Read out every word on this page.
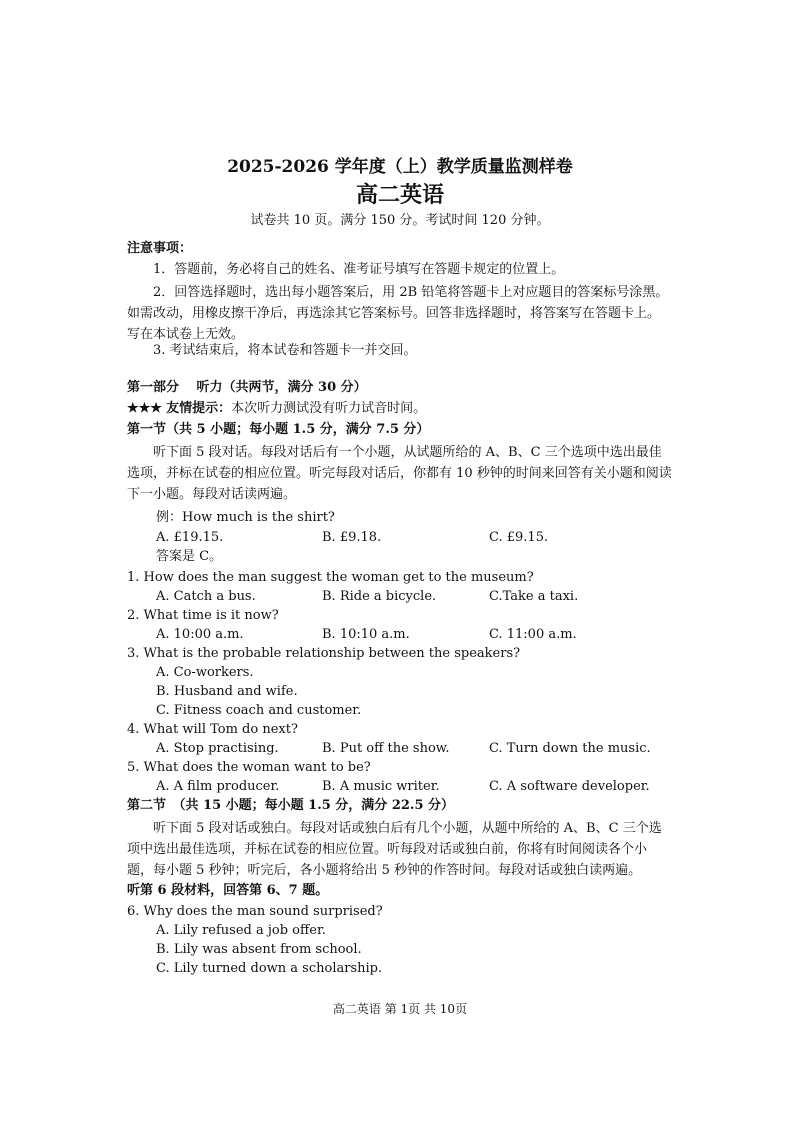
2025-2026 学年度（上）教学质量监测样卷
高二英语
试卷共 10 页。满分 150 分。考试时间 120 分钟。
注意事项：
1．答题前，务必将自己的姓名、准考证号填写在答题卡规定的位置上。
2．回答选择题时，选出每小题答案后，用 2B 铅笔将答题卡上对应题目的答案标号涂黑。 如需改动，用橡皮擦干净后，再选涂其它答案标号。回答非选择题时，将答案写在答题卡上。写在本试卷上无效。
3. 考试结束后，将本试卷和答题卡一并交回。
第一部分　 听力（共两节，满分 30 分）
★★★ 友情提示：本次听力测试没有听力试音时间。
第一节（共 5 小题；每小题 1.5 分，满分 7.5 分）
听下面 5 段对话。每段对话后有一个小题，从试题所给的 A、B、C 三个选项中选出最佳选项，并标在试卷的相应位置。听完每段对话后，你都有 10 秒钟的时间来回答有关小题和阅读下一小题。每段对话读两遍。
例：How much is the shirt?
A. £19.15.	B. £9.18.	C. £9.15.
答案是 C。
1. How does the man suggest the woman get to the museum?
A. Catch a bus.	B. Ride a bicycle.	C.Take a taxi.
2. What time is it now?
A. 10:00 a.m.	B. 10:10 a.m.	C. 11:00 a.m.
3. What is the probable relationship between the speakers?
A. Co-workers.
B. Husband and wife.
C. Fitness coach and customer.
4. What will Tom do next?
A. Stop practising.	B. Put off the show.	C. Turn down the music.
5. What does the woman want to be?
A. A film producer.	B. A music writer.	C. A software developer.
第二节　（共 15 小题；每小题 1.5 分，满分 22.5 分）
听下面 5 段对话或独白。每段对话或独白后有几个小题，从题中所给的 A、B、C 三个选项中选出最佳选项，并标在试卷的相应位置。听每段对话或独白前，你将有时间阅读各个小题，每小题 5 秒钟；听完后，各小题将给出 5 秒钟的作答时间。每段对话或独白读两遍。
听第 6 段材料，回答第 6、7 题。
6. Why does the man sound surprised?
A. Lily refused a job offer.
B. Lily was absent from school.
C. Lily turned down a scholarship.
高二英语 第 1页 共 10页
